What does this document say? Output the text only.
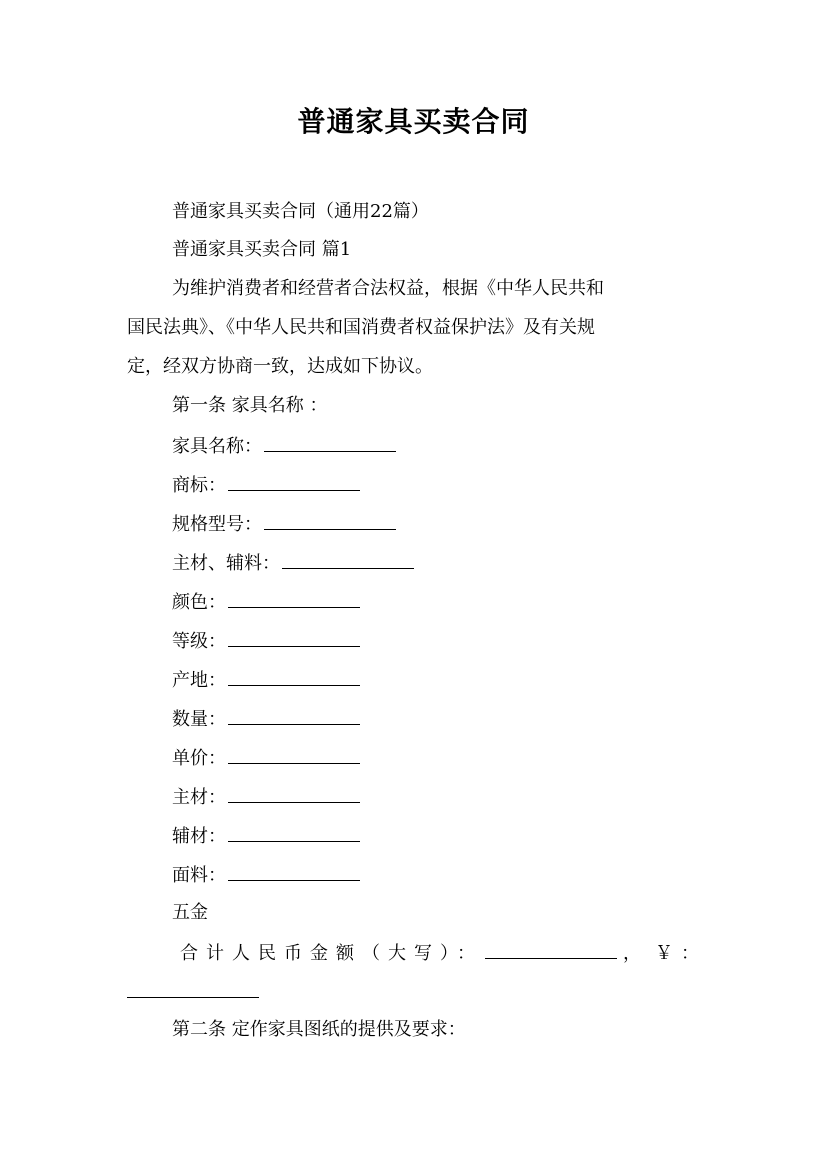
普通家具买卖合同
普通家具买卖合同（通用22篇）
普通家具买卖合同 篇1
为维护消费者和经营者合法权益，根据《中华人民共和
国民法典》、《中华人民共和国消费者权益保护法》及有关规
定，经双方协商一致，达成如下协议。
第一条 家具名称 ：
家具名称：
商标：
规格型号：
主材、辅料：
颜色：
等级：
产地：
数量：
单价：
主材：
辅材：
面料：
五金
合计人民币金额（大写）：	， ￥：
第二条 定作家具图纸的提供及要求：
